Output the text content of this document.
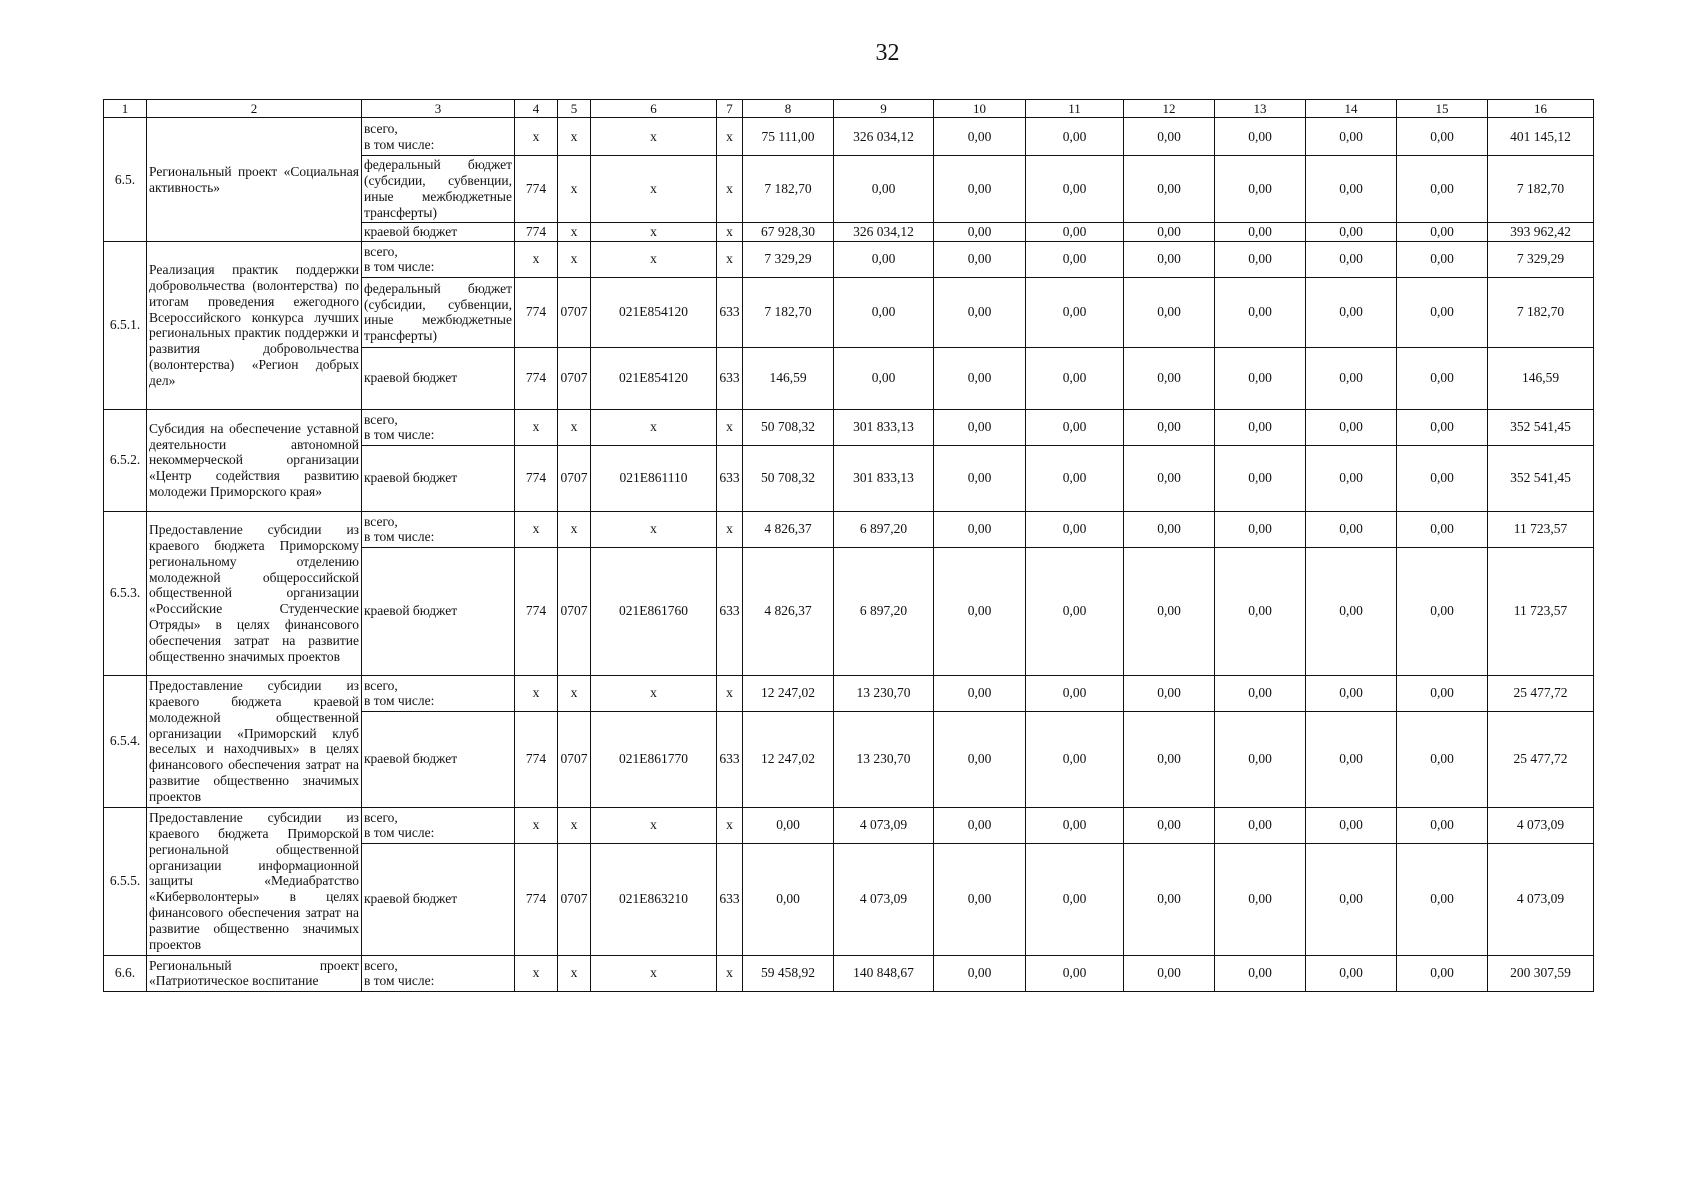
32
1	2	3	4	5	6	7	8	9	10	11	12	13	14	15	16
6.5.	Региональный проект «Социальная активность»	всего,
в том числе:	x	x	x	x	75 111,00	326 034,12	0,00	0,00	0,00	0,00	0,00	0,00	401 145,12
		федеральный бюджет (субсидии, субвенции, иные межбюджетные трансферты)	774	x	x	x	7 182,70	0,00	0,00	0,00	0,00	0,00	0,00	0,00	7 182,70
		краевой бюджет	774	x	x	x	67 928,30	326 034,12	0,00	0,00	0,00	0,00	0,00	0,00	393 962,42
6.5.1.	Реализация практик поддержки добровольчества (волонтерства) по итогам проведения ежегодного Всероссийского конкурса лучших региональных практик поддержки и развития добровольчества (волонтерства) «Регион добрых дел»	всего,
в том числе:	x	x	x	x	7 329,29	0,00	0,00	0,00	0,00	0,00	0,00	0,00	7 329,29
		федеральный бюджет (субсидии, субвенции, иные межбюджетные трансферты)	774	0707	021E854120	633	7 182,70	0,00	0,00	0,00	0,00	0,00	0,00	0,00	7 182,70
		краевой бюджет	774	0707	021E854120	633	146,59	0,00	0,00	0,00	0,00	0,00	0,00	0,00	146,59
6.5.2.	Субсидия на обеспечение уставной деятельности автономной некоммерческой организации «Центр содействия развитию молодежи Приморского края»	всего,
в том числе:	x	x	x	x	50 708,32	301 833,13	0,00	0,00	0,00	0,00	0,00	0,00	352 541,45
		краевой бюджет	774	0707	021E861110	633	50 708,32	301 833,13	0,00	0,00	0,00	0,00	0,00	0,00	352 541,45
6.5.3.	Предоставление субсидии из краевого бюджета Приморскому региональному отделению молодежной общероссийской общественной организации «Российские Студенческие Отряды» в целях финансового обеспечения затрат на развитие общественно значимых проектов	всего,
в том числе:	x	x	x	x	4 826,37	6 897,20	0,00	0,00	0,00	0,00	0,00	0,00	11 723,57
		краевой бюджет	774	0707	021E861760	633	4 826,37	6 897,20	0,00	0,00	0,00	0,00	0,00	0,00	11 723,57
6.5.4.	Предоставление субсидии из краевого бюджета краевой молодежной общественной организации «Приморский клуб веселых и находчивых» в целях финансового обеспечения затрат на развитие общественно значимых проектов	всего,
в том числе:	x	x	x	x	12 247,02	13 230,70	0,00	0,00	0,00	0,00	0,00	0,00	25 477,72
		краевой бюджет	774	0707	021E861770	633	12 247,02	13 230,70	0,00	0,00	0,00	0,00	0,00	0,00	25 477,72
6.5.5.	Предоставление субсидии из краевого бюджета Приморской региональной общественной организации информационной защиты «Медиабратство «Киберволонтеры» в целях финансового обеспечения затрат на развитие общественно значимых проектов	всего,
в том числе:	x	x	x	x	0,00	4 073,09	0,00	0,00	0,00	0,00	0,00	0,00	4 073,09
		краевой бюджет	774	0707	021E863210	633	0,00	4 073,09	0,00	0,00	0,00	0,00	0,00	0,00	4 073,09
6.6.	Региональный проект «Патриотическое воспитание	всего,
в том числе:	x	x	x	x	59 458,92	140 848,67	0,00	0,00	0,00	0,00	0,00	0,00	200 307,59
